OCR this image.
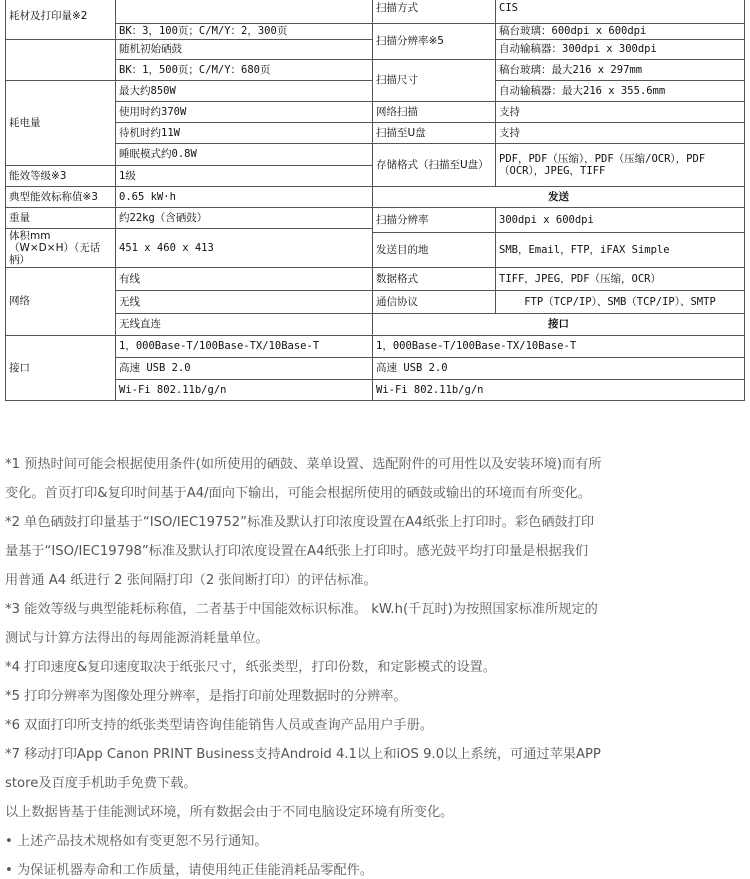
耗材及打印量※2		扫描方式	CIS
	BK：3，100页；C/M/Y：2，300页	扫描分辨率※5	稿台玻璃：600dpi x 600dpi

	随机初始硒鼓		自动输稿器：300dpi x 300dpi
	BK：1，500页；C/M/Y：680页	扫描尺寸	稿台玻璃：最大216 x 297mm
耗电量	最大约850W		自动输稿器：最大216 x 355.6mm
	使用时约370W	网络扫描	支持
	待机时约11W	扫描至U盘	支持
	睡眠模式约0.8W	存储格式（扫描至U盘）	PDF，PDF（压缩），PDF（压缩/OCR），PDF（OCR），JPEG，TIFF
能效等级※3	1级		
典型能效标称值※3	0.65 kW·h	发送	
重量	约22kg（含硒鼓）	扫描分辨率	300dpi x 600dpi
体积mm （W×D×H）（无话柄）	451 x 460 x 413		
		发送目的地	SMB，Email，FTP，iFAX Simple
网络	有线	数据格式	TIFF，JPEG，PDF（压缩，OCR）
	无线	通信协议	FTP（TCP/IP）、SMB（TCP/IP）、SMTP
	无线直连	接口	
接口	1，000Base-T/100Base-TX/10Base-T	1，000Base-T/100Base-TX/10Base-T	
	高速 USB 2.0	高速 USB 2.0	
	Wi-Fi 802.11b/g/n	Wi-Fi 802.11b/g/n	

*1 预热时间可能会根据使用条件(如所使用的硒鼓、菜单设置、选配附件的可用性以及安装环境)而有所

变化。首页打印&复印时间基于A4/面向下输出，可能会根据所使用的硒鼓或输出的环境而有所变化。

*2 单色硒鼓打印量基于“ISO/IEC19752”标准及默认打印浓度设置在A4纸张上打印时。彩色硒鼓打印

量基于“ISO/IEC19798”标准及默认打印浓度设置在A4纸张上打印时。感光鼓平均打印量是根据我们

用普通 A4 纸进行 2 张间隔打印（2 张间断打印）的评估标准。

*3 能效等级与典型能耗标称值，二者基于中国能效标识标准。 kW.h(千瓦时)为按照国家标准所规定的

测试与计算方法得出的每周能源消耗量单位。

*4 打印速度&复印速度取决于纸张尺寸，纸张类型，打印份数，和定影模式的设置。

*5 打印分辨率为图像处理分辨率，是指打印前处理数据时的分辨率。

*6 双面打印所支持的纸张类型请咨询佳能销售人员或查询产品用户手册。

*7 移动打印App Canon PRINT Business支持Android 4.1以上和iOS 9.0以上系统，可通过苹果APP

store及百度手机助手免费下载。

以上数据皆基于佳能测试环境，所有数据会由于不同电脑设定环境有所变化。

• 上述产品技术规格如有变更恕不另行通知。

• 为保证机器寿命和工作质量，请使用纯正佳能消耗品零配件。
